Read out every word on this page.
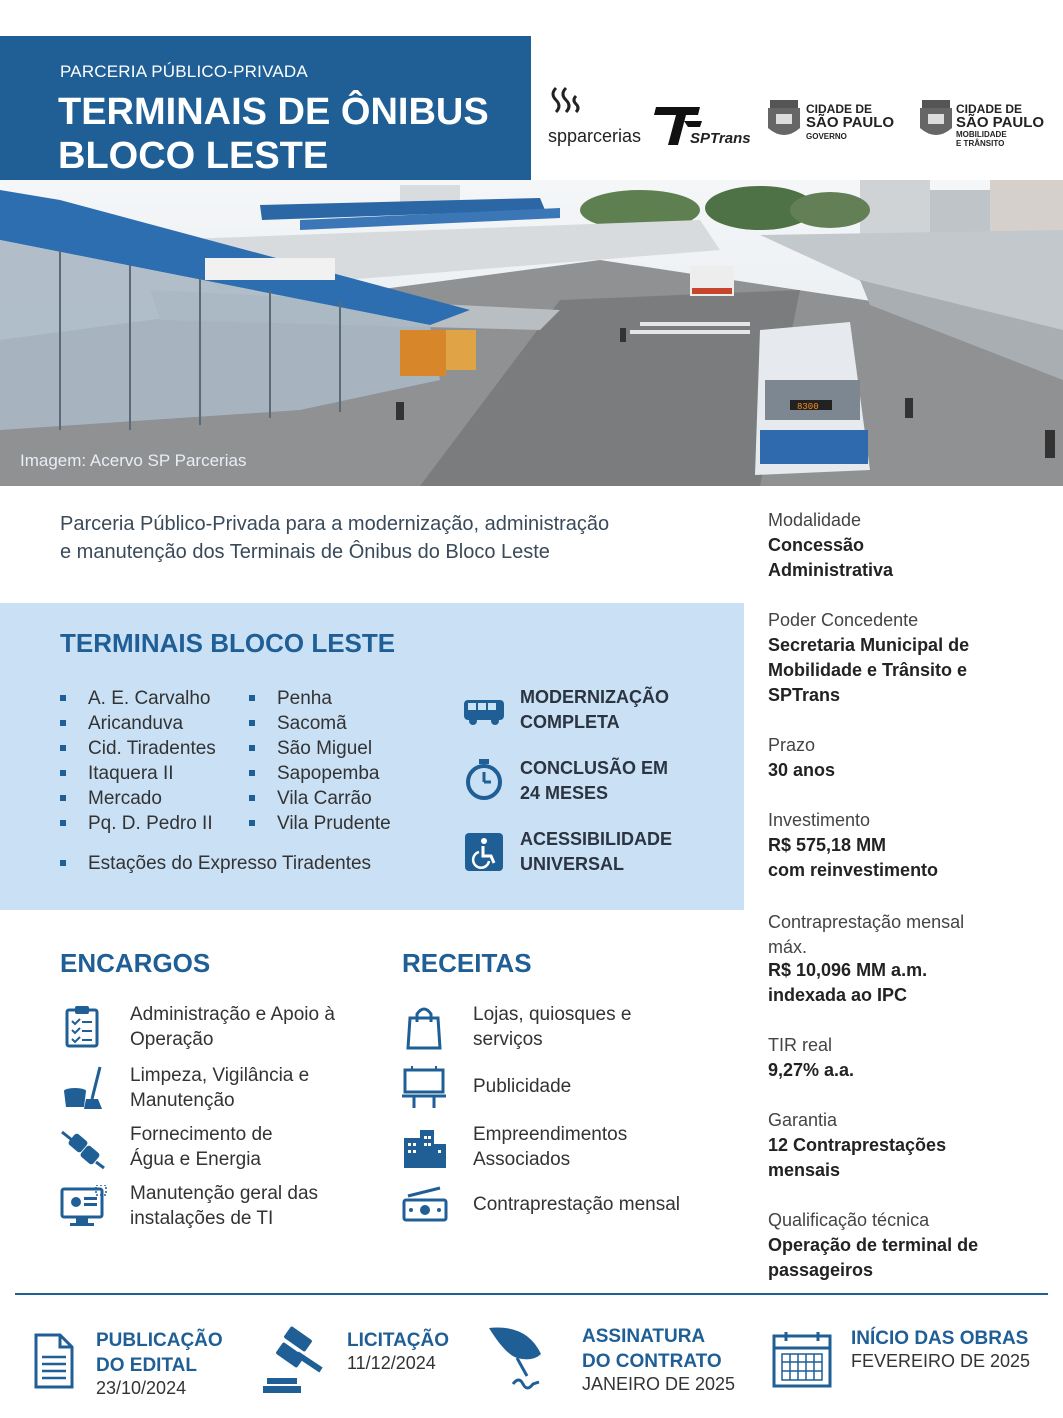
PARCERIA PÚBLICO-PRIVADA
TERMINAIS DE ÔNIBUS
BLOCO LESTE	spparcerias	SPTrans
CIDADE DE
SÃO PAULO
GOVERNO
CIDADE DE
SÃO PAULO
MOBILIDADE
E TRÂNSITO
8300
Imagem: Acervo SP Parcerias
Parceria Público-Privada para a modernização, administração
e manutenção dos Terminais de Ônibus do Bloco Leste
Modalidade
Concessão
Administrativa
Poder Concedente
Secretaria Municipal de
Mobilidade e Trânsito e
SPTrans
Prazo
30 anos
Investimento
R$ 575,18 MM
com reinvestimento
Contraprestação mensal
máx.
R$ 10,096 MM a.m.
indexada ao IPC
TIR real
9,27% a.a.
Garantia
12 Contraprestações
mensais
Qualificação técnica
Operação de terminal de
passageiros
TERMINAIS BLOCO LESTE
A. E. Carvalho
Aricanduva
Cid. Tiradentes
Itaquera II
Mercado
Pq. D. Pedro II
Penha
Sacomã
São Miguel
Sapopemba
Vila Carrão
Vila Prudente
Estações do Expresso Tiradentes
MODERNIZAÇÃO
COMPLETA
CONCLUSÃO EM
24 MESES
ACESSIBILIDADE
UNIVERSAL
ENCARGOS
Administração e Apoio à
Operação
Limpeza, Vigilância e
Manutenção
Fornecimento de
Água e Energia
Manutenção geral das
instalações de TI
RECEITAS
Lojas, quiosques e
serviços
Publicidade
Empreendimentos
Associados
Contraprestação mensal
PUBLICAÇÃO
DO EDITAL
23/10/2024
LICITAÇÃO
11/12/2024
ASSINATURA
DO CONTRATO
JANEIRO DE 2025
INÍCIO DAS OBRAS
FEVEREIRO DE 2025
